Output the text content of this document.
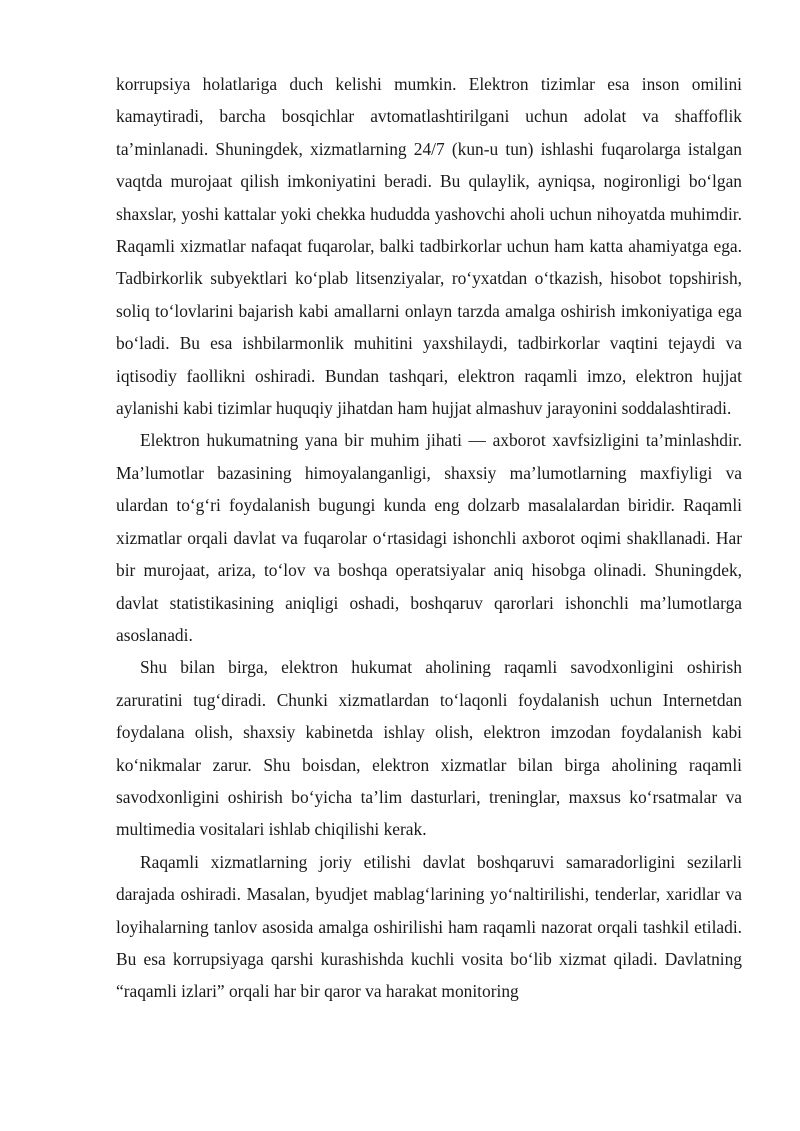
korrupsiya holatlariga duch kelishi mumkin. Elektron tizimlar esa inson omilini kamaytiradi, barcha bosqichlar avtomatlashtirilgani uchun adolat va shaffoflik ta’minlanadi. Shuningdek, xizmatlarning 24/7 (kun-u tun) ishlashi fuqarolarga istalgan vaqtda murojaat qilish imkoniyatini beradi. Bu qulaylik, ayniqsa, nogironligi bo‘lgan shaxslar, yoshi kattalar yoki chekka hududda yashovchi aholi uchun nihoyatda muhimdir. Raqamli xizmatlar nafaqat fuqarolar, balki tadbirkorlar uchun ham katta ahamiyatga ega. Tadbirkorlik subyektlari ko‘plab litsenziyalar, ro‘yxatdan o‘tkazish, hisobot topshirish, soliq to‘lovlarini bajarish kabi amallarni onlayn tarzda amalga oshirish imkoniyatiga ega bo‘ladi. Bu esa ishbilarmonlik muhitini yaxshilaydi, tadbirkorlar vaqtini tejaydi va iqtisodiy faollikni oshiradi. Bundan tashqari, elektron raqamli imzo, elektron hujjat aylanishi kabi tizimlar huquqiy jihatdan ham hujjat almashuv jarayonini soddalashtiradi.

Elektron hukumatning yana bir muhim jihati — axborot xavfsizligini ta’minlashdir. Ma’lumotlar bazasining himoyalanganligi, shaxsiy ma’lumotlarning maxfiyligi va ulardan to‘g‘ri foydalanish bugungi kunda eng dolzarb masalalardan biridir. Raqamli xizmatlar orqali davlat va fuqarolar o‘rtasidagi ishonchli axborot oqimi shakllanadi. Har bir murojaat, ariza, to‘lov va boshqa operatsiyalar aniq hisobga olinadi. Shuningdek, davlat statistikasining aniqligi oshadi, boshqaruv qarorlari ishonchli ma’lumotlarga asoslanadi.

Shu bilan birga, elektron hukumat aholining raqamli savodxonligini oshirish zaruratini tug‘diradi. Chunki xizmatlardan to‘laqonli foydalanish uchun Internetdan foydalana olish, shaxsiy kabinetda ishlay olish, elektron imzodan foydalanish kabi ko‘nikmalar zarur. Shu boisdan, elektron xizmatlar bilan birga aholining raqamli savodxonligini oshirish bo‘yicha ta’lim dasturlari, treninglar, maxsus ko‘rsatmalar va multimedia vositalari ishlab chiqilishi kerak.

Raqamli xizmatlarning joriy etilishi davlat boshqaruvi samaradorligini sezilarli darajada oshiradi. Masalan, byudjet mablag‘larining yo‘naltirilishi, tenderlar, xaridlar va loyihalarning tanlov asosida amalga oshirilishi ham raqamli nazorat orqali tashkil etiladi. Bu esa korrupsiyaga qarshi kurashishda kuchli vosita bo‘lib xizmat qiladi. Davlatning “raqamli izlari” orqali har bir qaror va harakat monitoring
